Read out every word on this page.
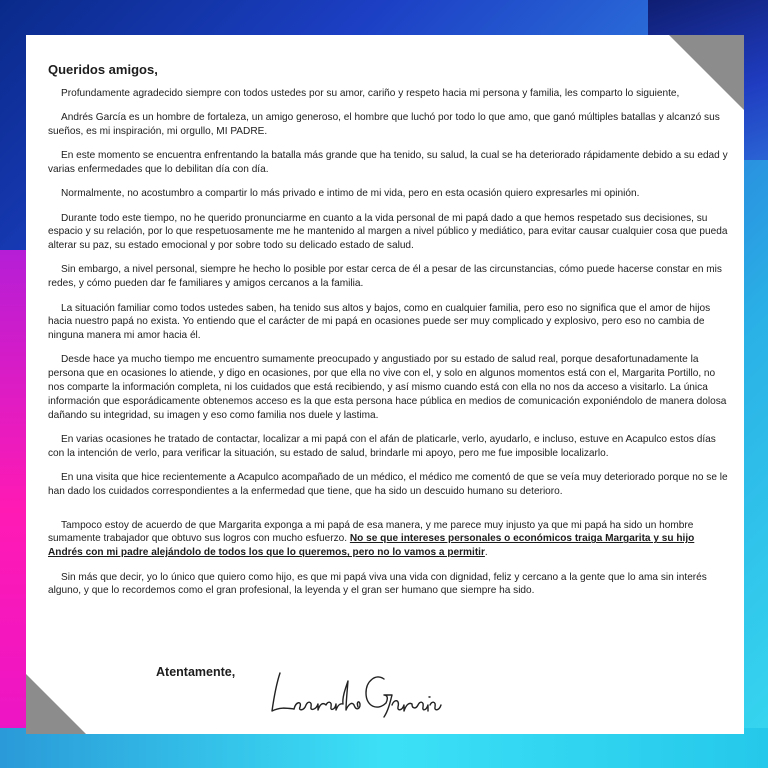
Queridos amigos,

Profundamente agradecido siempre con todos ustedes por su amor, cariño y respeto hacia mi persona y familia, les comparto lo siguiente,

Andrés García es un hombre de fortaleza, un amigo generoso, el hombre que luchó por todo lo que amo, que ganó múltiples batallas y alcanzó sus sueños, es mi inspiración, mi orgullo, MI PADRE.

En este momento se encuentra enfrentando la batalla más grande que ha tenido, su salud, la cual se ha deteriorado rápidamente debido a su edad y varias enfermedades que lo debilitan día con día.

Normalmente, no acostumbro a compartir lo más privado e intimo de mi vida, pero en esta ocasión quiero expresarles mi opinión.

Durante todo este tiempo, no he querido pronunciarme en cuanto a la vida personal de mi papá dado a que hemos respetado sus decisiones, su espacio y su relación, por lo que respetuosamente me he mantenido al margen a nivel público y mediático, para evitar causar cualquier cosa que pueda alterar su paz, su estado emocional y por sobre todo su delicado estado de salud.

Sin embargo, a nivel personal, siempre he hecho lo posible por estar cerca de él a pesar de las circunstancias, cómo puede hacerse constar en mis redes, y cómo pueden dar fe familiares y amigos cercanos a la familia.

La situación familiar como todos ustedes saben, ha tenido sus altos y bajos, como en cualquier familia, pero eso no significa que el amor de hijos hacia nuestro papá no exista. Yo entiendo que el carácter de mi papá en ocasiones puede ser muy complicado y explosivo, pero eso no cambia de ninguna manera mi amor hacia él.

Desde hace ya mucho tiempo me encuentro sumamente preocupado y angustiado por su estado de salud real, porque desafortunadamente la persona que en ocasiones lo atiende, y digo en ocasiones, por que ella no vive con el, y solo en algunos momentos está con el, Margarita Portillo, no nos comparte la información completa, ni los cuidados que está recibiendo, y así mismo cuando está con ella no nos da acceso a visitarlo. La única información que esporádicamente obtenemos acceso es la que esta persona hace pública en medios de comunicación exponiéndolo de manera dolosa dañando su integridad, su imagen y eso como familia nos duele y lastima.

En varias ocasiones he tratado de contactar, localizar a mi papá con el afán de platicarle, verlo, ayudarlo, e incluso, estuve en Acapulco estos días con la intención de verlo, para verificar la situación, su estado de salud, brindarle mi apoyo, pero me fue imposible localizarlo.

En una visita que hice recientemente a Acapulco acompañado de un médico, el médico me comentó de que se veía muy deteriorado porque no se le han dado los cuidados correspondientes a la enfermedad que tiene, que ha sido un descuido humano su deterioro.

Tampoco estoy de acuerdo de que Margarita exponga a mi papá de esa manera, y me parece muy injusto ya que mi papá ha sido un hombre sumamente trabajador que obtuvo sus logros con mucho esfuerzo. No se que intereses personales o económicos traiga Margarita y su hijo Andrés con mi padre alejándolo de todos los que lo queremos, pero no lo vamos a permitir.

Sin más que decir, yo lo único que quiero como hijo, es que mi papá viva una vida con dignidad, feliz y cercano a la gente que lo ama sin interés alguno, y que lo recordemos como el gran profesional, la leyenda y el gran ser humano que siempre ha sido.

Atentamente,
